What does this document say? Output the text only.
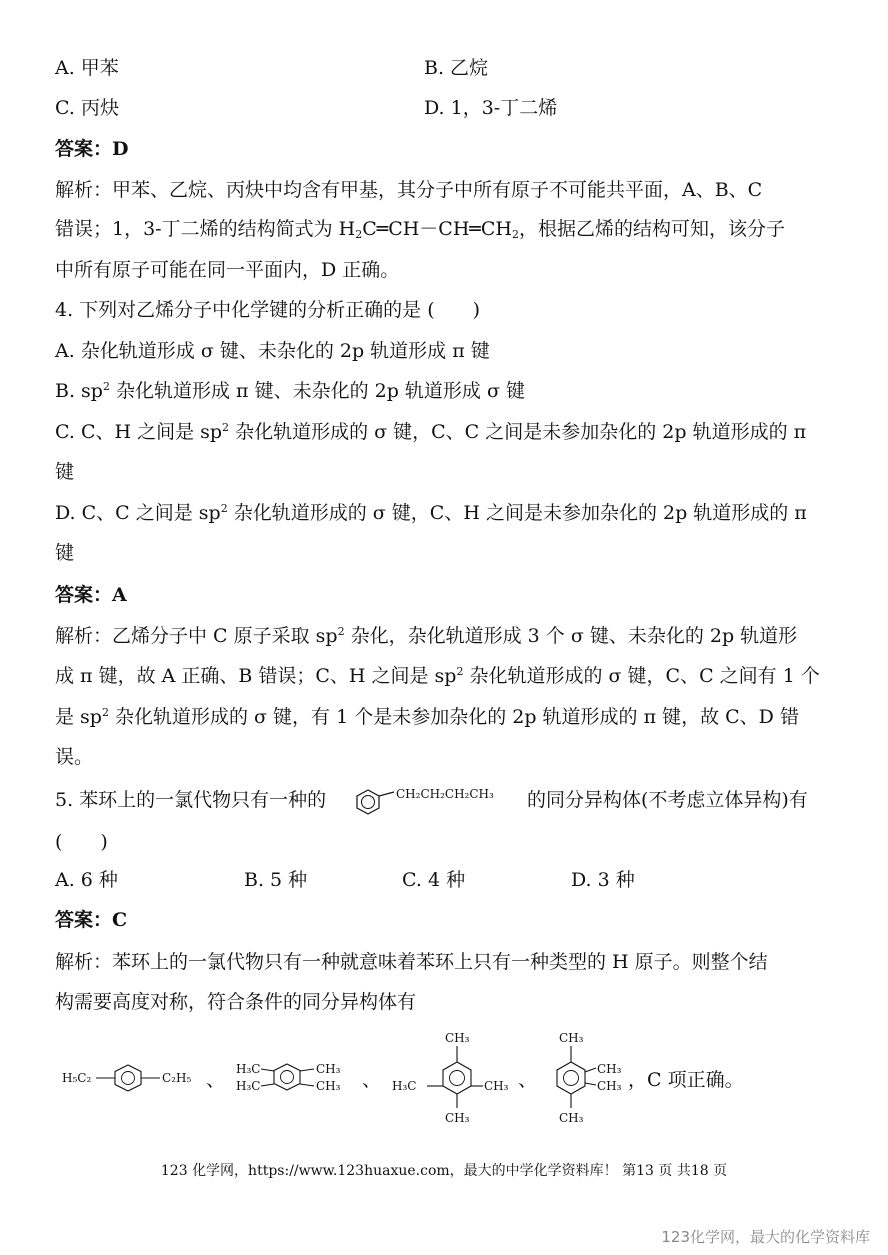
A. 甲苯	B. 乙烷
C. 丙炔	D. 1，3-丁二烯
答案：D
解析：甲苯、乙烷、丙炔中均含有甲基，其分子中所有原子不可能共平面，A、B、C
错误；1，3-丁二烯的结构简式为 $H_2C═CH-CH═CH_2$，根据乙烯的结构可知，该分子
中所有原子可能在同一平面内，D 正确。
4. 下列对乙烯分子中化学键的分析正确的是 (　　)
A. 杂化轨道形成 σ 键、未杂化的 2p 轨道形成 π 键
B. $sp^2$ 杂化轨道形成 π 键、未杂化的 2p 轨道形成 σ 键
C. C、H 之间是 $sp^2$ 杂化轨道形成的 σ 键，C、C 之间是未参加杂化的 2p 轨道形成的 π
键
D. C、C 之间是 $sp^2$ 杂化轨道形成的 σ 键，C、H 之间是未参加杂化的 2p 轨道形成的 π
键
答案：A
解析：乙烯分子中 C 原子采取 $sp^2$ 杂化，杂化轨道形成 3 个 σ 键、未杂化的 2p 轨道形
成 π 键，故 A 正确、B 错误；C、H 之间是 $sp^2$ 杂化轨道形成的 σ 键，C、C 之间有 1 个
是 $sp^2$ 杂化轨道形成的 σ 键，有 1 个是未参加杂化的 2p 轨道形成的 π 键，故 C、D 错
误。
5. 苯环上的一氯代物只有一种的	CH₂CH₂CH₂CH₃ 的同分异构体(不考虑立体异构)有
(　　)
A. 6 种	B. 5 种	C. 4 种	D. 3 种
答案：C
解析：苯环上的一氯代物只有一种就意味着苯环上只有一种类型的 H 原子。则整个结
构需要高度对称，符合条件的同分异构体有
H₅C₂	C₂H₅ 、 H₃C
H₃C
CH₃
CH₃ 、
CH₃
H₃C	CH₃
CH₃
、
CH₃
CH₃
CH₃
CH₃
，C 项正确。
123 化学网，https://www.123huaxue.com，最大的中学化学资料库！ 第13 页 共18 页
123化学网，最大的化学资料库
